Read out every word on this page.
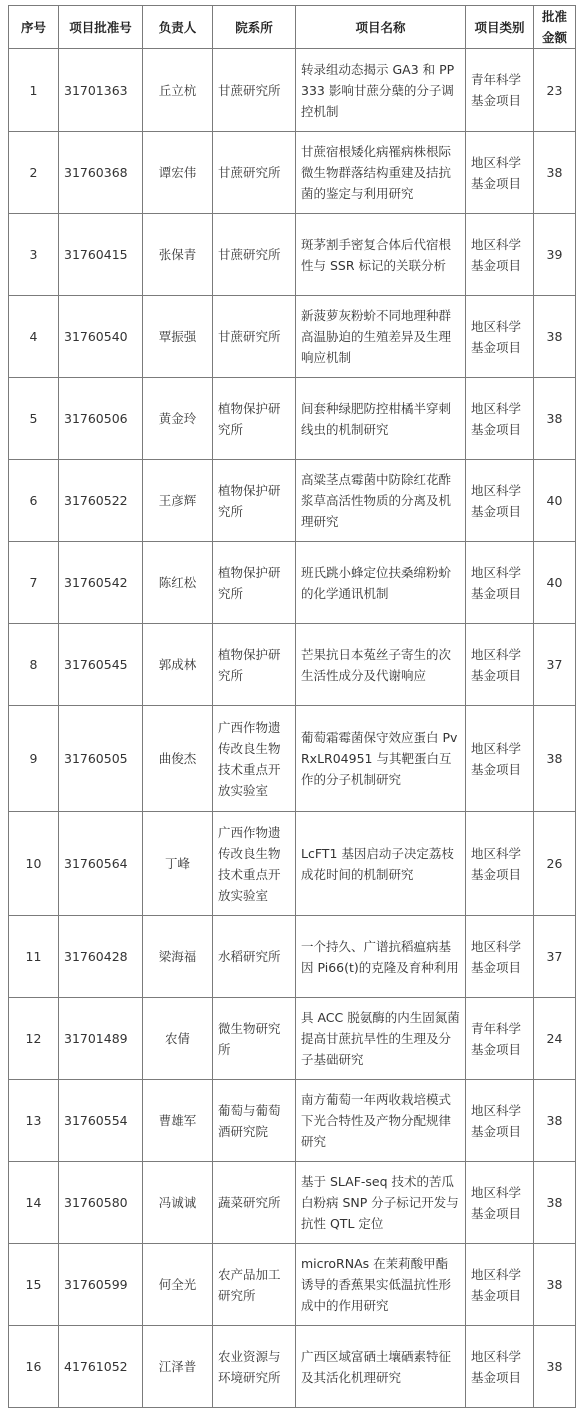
序号	项目批准号	负责人	院系所	项目名称	项目类别	批准金额
1	31701363	丘立杭	甘蔗研究所	转录组动态揭示 GA3 和 PP333 影响甘蔗分蘖的分子调控机制	青年科学基金项目	23
2	31760368	谭宏伟	甘蔗研究所	甘蔗宿根矮化病罹病株根际微生物群落结构重建及拮抗菌的鉴定与利用研究	地区科学基金项目	38
3	31760415	张保青	甘蔗研究所	斑茅割手密复合体后代宿根性与 SSR 标记的关联分析	地区科学基金项目	39
4	31760540	覃振强	甘蔗研究所	新菠萝灰粉蚧不同地理种群高温胁迫的生殖差异及生理响应机制	地区科学基金项目	38
5	31760506	黄金玲	植物保护研究所	间套种绿肥防控柑橘半穿刺线虫的机制研究	地区科学基金项目	38
6	31760522	王彦辉	植物保护研究所	高粱茎点霉菌中防除红花酢浆草高活性物质的分离及机理研究	地区科学基金项目	40
7	31760542	陈红松	植物保护研究所	班氏跳小蜂定位扶桑绵粉蚧的化学通讯机制	地区科学基金项目	40
8	31760545	郭成林	植物保护研究所	芒果抗日本菟丝子寄生的次生活性成分及代谢响应	地区科学基金项目	37
9	31760505	曲俊杰	广西作物遗传改良生物技术重点开放实验室	葡萄霜霉菌保守效应蛋白 PvRxLR04951 与其靶蛋白互作的分子机制研究	地区科学基金项目	38
10	31760564	丁峰	广西作物遗传改良生物技术重点开放实验室	LcFT1 基因启动子决定荔枝成花时间的机制研究	地区科学基金项目	26
11	31760428	梁海福	水稻研究所	一个持久、广谱抗稻瘟病基因 Pi66(t)的克隆及育种利用	地区科学基金项目	37
12	31701489	农倩	微生物研究所	具 ACC 脱氨酶的内生固氮菌提高甘蔗抗旱性的生理及分子基础研究	青年科学基金项目	24
13	31760554	曹雄军	葡萄与葡萄酒研究院	南方葡萄一年两收栽培模式下光合特性及产物分配规律研究	地区科学基金项目	38
14	31760580	冯诚诚	蔬菜研究所	基于 SLAF-seq 技术的苦瓜白粉病 SNP 分子标记开发与抗性 QTL 定位	地区科学基金项目	38
15	31760599	何全光	农产品加工研究所	microRNAs 在茉莉酸甲酯诱导的香蕉果实低温抗性形成中的作用研究	地区科学基金项目	38
16	41761052	江泽普	农业资源与环境研究所	广西区域富硒土壤硒素特征及其活化机理研究	地区科学基金项目	38
